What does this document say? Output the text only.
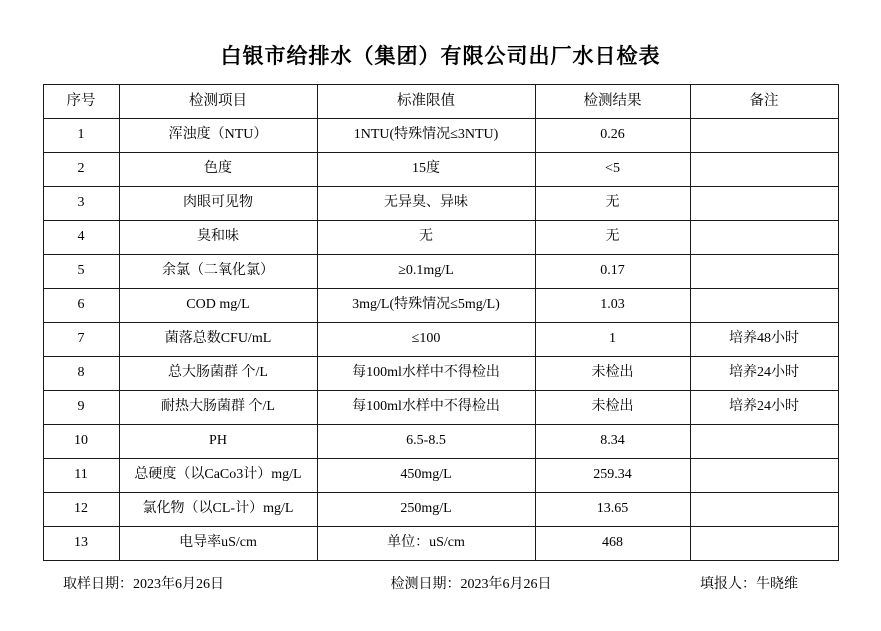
白银市给排水（集团）有限公司出厂水日检表
序号	检测项目	标准限值	检测结果	备注
1	浑浊度（NTU）	1NTU(特殊情况≤3NTU)	0.26	
2	色度	15度	<5	
3	肉眼可见物	无异臭、异味	无	
4	臭和味	无	无	
5	余氯（二氧化氯）	≥0.1mg/L	0.17	
6	COD mg/L	3mg/L(特殊情况≤5mg/L)	1.03	
7	菌落总数CFU/mL	≤100	1	培养48小时
8	总大肠菌群 个/L	每100ml水样中不得检出	未检出	培养24小时
9	耐热大肠菌群 个/L	每100ml水样中不得检出	未检出	培养24小时
10	PH	6.5-8.5	8.34	
11	总硬度（以CaCo3计）mg/L	450mg/L	259.34	
12	氯化物（以CL-计）mg/L	250mg/L	13.65	
13	电导率uS/cm	单位：uS/cm	468	
取样日期：2023年6月26日	检测日期：2023年6月26日	填报人：牛晓维
